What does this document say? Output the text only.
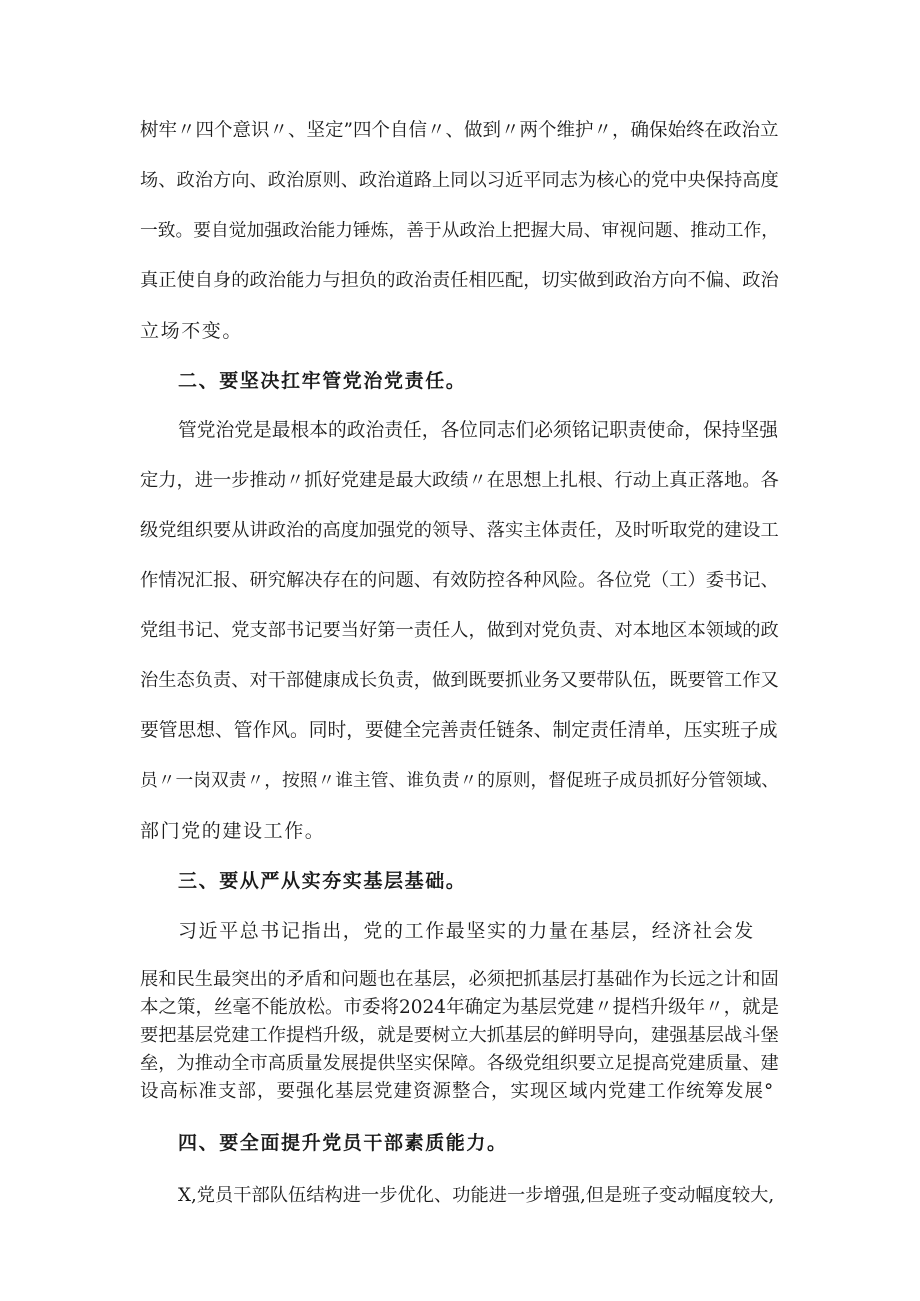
树牢〃四个意识〃、坚定”四个自信〃、做到〃两个维护〃，确保始终在政治立
场、政治方向、政治原则、政治道路上同以习近平同志为核心的党中央保持高度
一致。要自觉加强政治能力锤炼，善于从政治上把握大局、审视问题、推动工作，
真正使自身的政治能力与担负的政治责任相匹配，切实做到政治方向不偏、政治
立场不变。
二、要坚决扛牢管党治党责任。
管党治党是最根本的政治责任，各位同志们必须铭记职责使命，保持坚强
定力，进一步推动〃抓好党建是最大政绩〃在思想上扎根、行动上真正落地。各
级党组织要从讲政治的高度加强党的领导、落实主体责任，及时听取党的建设工
作情况汇报、研究解决存在的问题、有效防控各种风险。各位党（工）委书记、
党组书记、党支部书记要当好第一责任人，做到对党负责、对本地区本领域的政
治生态负责、对干部健康成长负责，做到既要抓业务又要带队伍，既要管工作又
要管思想、管作风。同时，要健全完善责任链条、制定责任清单，压实班子成
员〃一岗双责〃，按照〃谁主管、谁负责〃的原则，督促班子成员抓好分管领域、
部门党的建设工作。
三、要从严从实夯实基层基础。
习近平总书记指出，党的工作最坚实的力量在基层，经济社会发
展和民生最突出的矛盾和问题也在基层，必须把抓基层打基础作为长远之计和固
本之策，丝毫不能放松。市委将2024年确定为基层党建〃提档升级年〃，就是
要把基层党建工作提档升级，就是要树立大抓基层的鲜明导向，建强基层战斗堡
垒，为推动全市高质量发展提供坚实保障。各级党组织要立足提高党建质量、建
设高标准支部，要强化基层党建资源整合，实现区域内党建工作统筹发展°
四、要全面提升党员干部素质能力。
X,党员干部队伍结构进一步优化、功能进一步增强,但是班子变动幅度较大,
